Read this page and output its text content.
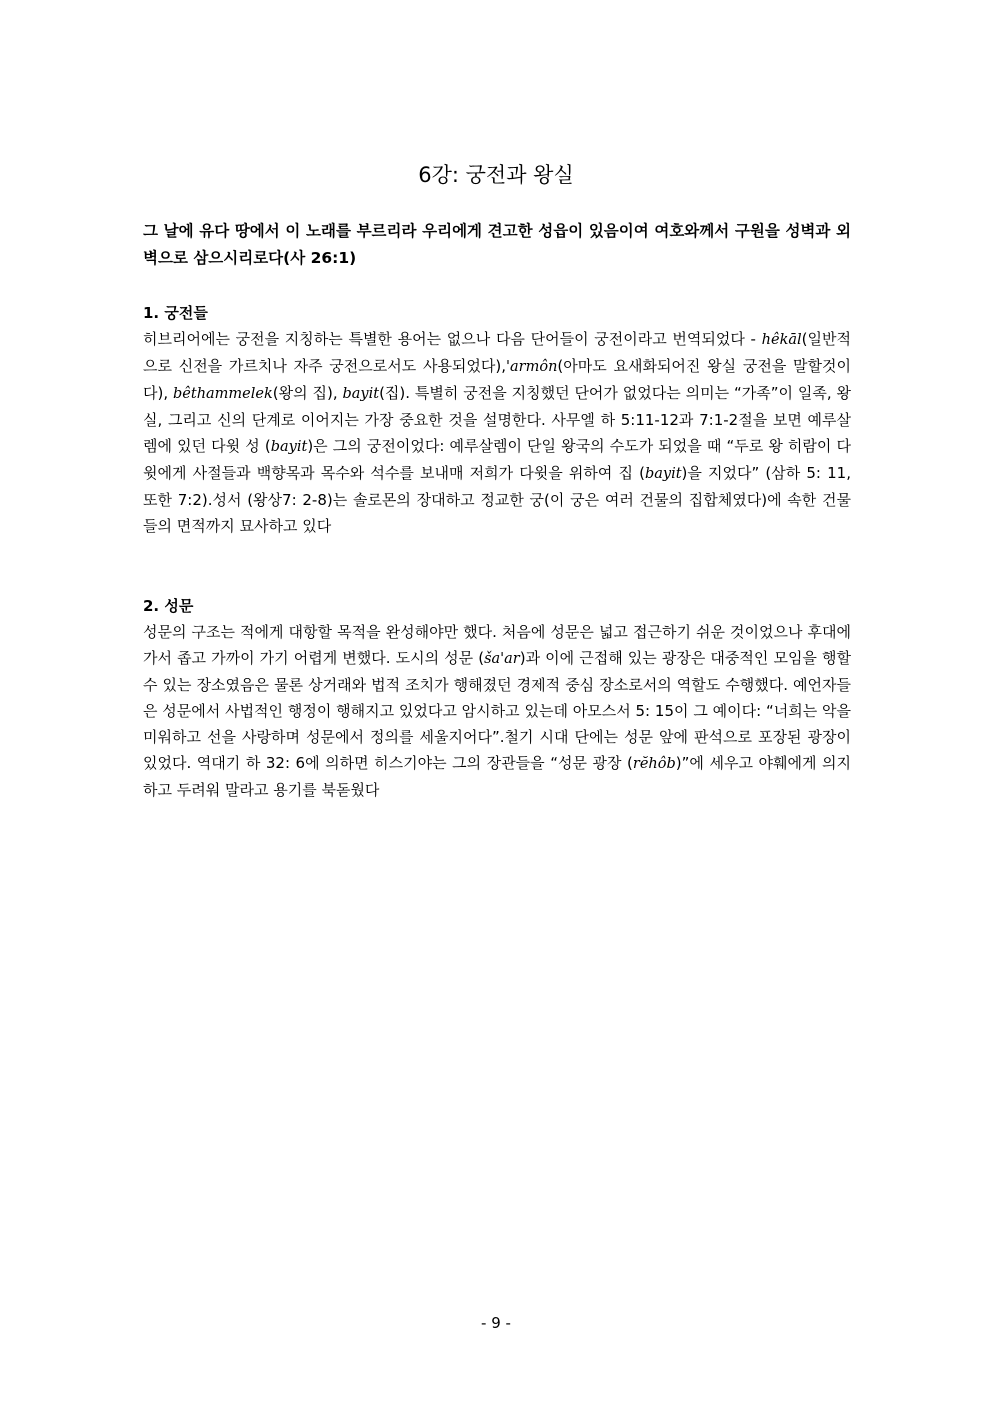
6강: 궁전과 왕실
그 날에 유다 땅에서 이 노래를 부르리라 우리에게 견고한 성읍이 있음이여 여호와께서 구원을 성벽과 외벽으로 삼으시리로다(사 26:1)
1. 궁전들
히브리어에는 궁전을 지칭하는 특별한 용어는 없으나 다음 단어들이 궁전이라고 번역되었다 - hêkāl(일반적으로 신전을 가르치나 자주 궁전으로서도 사용되었다),'armôn(아마도 요새화되어진 왕실 궁전을 말할것이다), bêthammelek(왕의 집), bayit(집). 특별히 궁전을 지칭했던 단어가 없었다는 의미는 “가족”이 일족, 왕실, 그리고 신의 단계로 이어지는 가장 중요한 것을 설명한다. 사무엘 하 5:11-12과 7:1-2절을 보면 예루살렘에 있던 다윗 성 (bayit)은 그의 궁전이었다: 예루살렘이 단일 왕국의 수도가 되었을 때 “두로 왕 히람이 다윗에게 사절들과 백향목과 목수와 석수를 보내매 저희가 다윗을 위하여 집 (bayit)을 지었다” (삼하 5: 11, 또한 7:2).성서 (왕상7: 2-8)는 솔로몬의 장대하고 정교한 궁(이 궁은 여러 건물의 집합체였다)에 속한 건물들의 면적까지 묘사하고 있다
2. 성문
성문의 구조는 적에게 대항할 목적을 완성해야만 했다. 처음에 성문은 넓고 접근하기 쉬운 것이었으나 후대에 가서 좁고 가까이 가기 어렵게 변했다. 도시의 성문 (ša'ar)과 이에 근접해 있는 광장은 대중적인 모임을 행할 수 있는 장소였음은 물론 상거래와 법적 조치가 행해졌던 경제적 중심 장소로서의 역할도 수행했다. 예언자들은 성문에서 사법적인 행정이 행해지고 있었다고 암시하고 있는데 아모스서 5: 15이 그 예이다: “너희는 악을 미워하고 선을 사랑하며 성문에서 정의를 세울지어다”.철기 시대 단에는 성문 앞에 판석으로 포장된 광장이 있었다. 역대기 하 32: 6에 의하면 히스기야는 그의 장관들을 “성문 광장 (rĕhôb)”에 세우고 야훼에게 의지하고 두려워 말라고 용기를 북돋웠다
- 9 -
